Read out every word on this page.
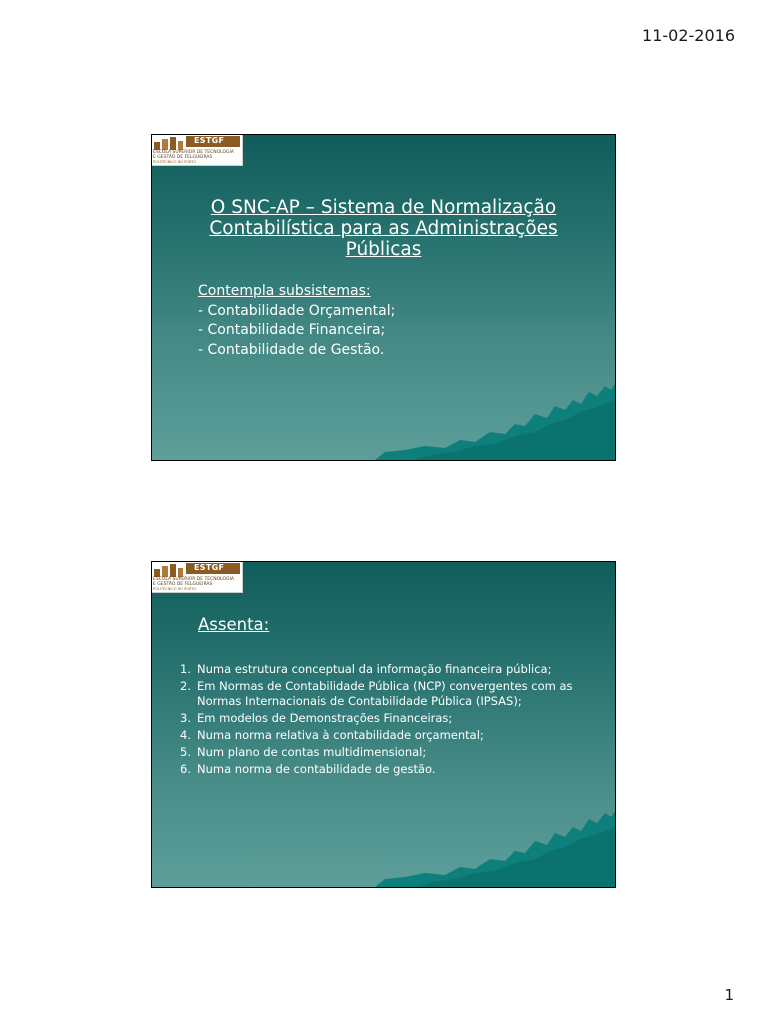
11-02-2016
ESTGF
ESCOLA SUPERIOR DE TECNOLOGIA
E GESTÃO DE FELGUEIRAS
POLITÉCNICO DO PORTO
O SNC-AP – Sistema de Normalização Contabilística para as Administrações Públicas
Contempla subsistemas:
- Contabilidade Orçamental;
- Contabilidade Financeira;
- Contabilidade de Gestão.
ESTGF
ESCOLA SUPERIOR DE TECNOLOGIA
E GESTÃO DE FELGUEIRAS
POLITÉCNICO DO PORTO
Assenta:
1. Numa estrutura conceptual da informação financeira pública;
2. Em Normas de Contabilidade Pública (NCP) convergentes com as Normas Internacionais de Contabilidade Pública (IPSAS);
3. Em modelos de Demonstrações Financeiras;
4. Numa norma relativa à contabilidade orçamental;
5. Num plano de contas multidimensional;
6. Numa norma de contabilidade de gestão.
1
